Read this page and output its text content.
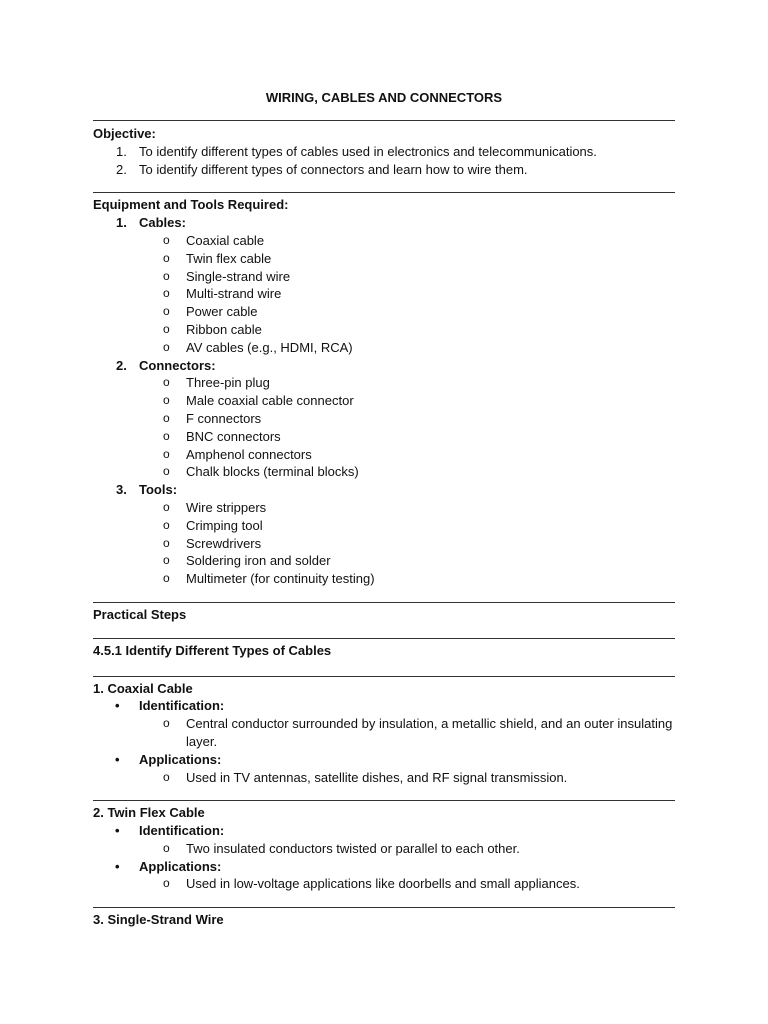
WIRING, CABLES AND CONNECTORS

Objective:

1. To identify different types of cables used in electronics and telecommunications.

2. To identify different types of connectors and learn how to wire them.

Equipment and Tools Required:

1. Cables:

o Coaxial cable

o Twin flex cable

o Single-strand wire

o Multi-strand wire

o Power cable

o Ribbon cable

o AV cables (e.g., HDMI, RCA)

2. Connectors:

o Three-pin plug

o Male coaxial cable connector

o F connectors

o BNC connectors

o Amphenol connectors

o Chalk blocks (terminal blocks)

3. Tools:

o Wire strippers

o Crimping tool

o Screwdrivers

o Soldering iron and solder

o Multimeter (for continuity testing)

Practical Steps

4.5.1 Identify Different Types of Cables

1. Coaxial Cable

• Identification:

o Central conductor surrounded by insulation, a metallic shield, and an outer insulating layer.

• Applications:

o Used in TV antennas, satellite dishes, and RF signal transmission.

2. Twin Flex Cable

• Identification:

o Two insulated conductors twisted or parallel to each other.

• Applications:

o Used in low-voltage applications like doorbells and small appliances.

3. Single-Strand Wire
